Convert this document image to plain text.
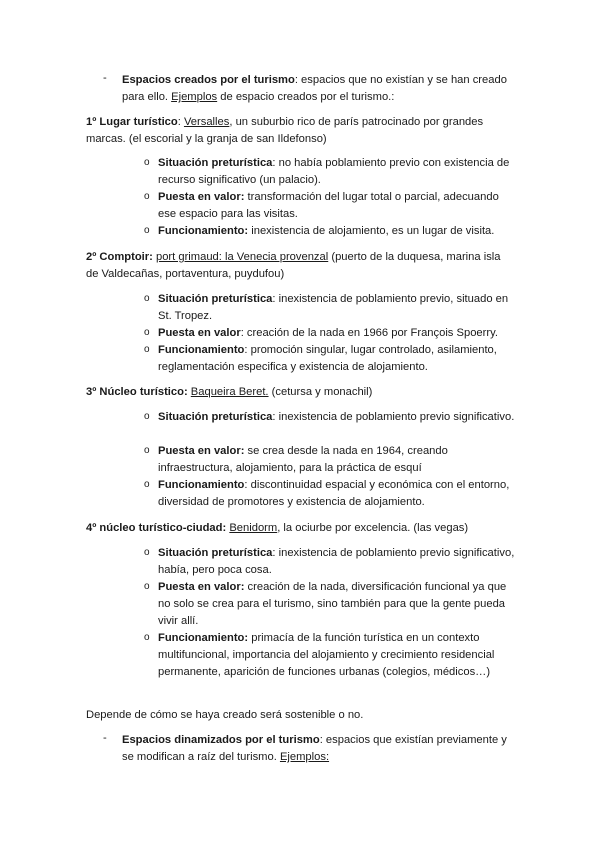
- Espacios creados por el turismo: espacios que no existían y se han creado para ello. Ejemplos de espacio creados por el turismo.:

1º Lugar turístico: Versalles, un suburbio rico de parís patrocinado por grandes marcas. (el escorial y la granja de san Ildefonso)

o Situación preturística: no había poblamiento previo con existencia de recurso significativo (un palacio).

o Puesta en valor: transformación del lugar total o parcial, adecuando ese espacio para las visitas.

o Funcionamiento: inexistencia de alojamiento, es un lugar de visita.

2º Comptoir: port grimaud: la Venecia provenzal (puerto de la duquesa, marina isla de Valdecañas, portaventura, puydufou)

o Situación preturística: inexistencia de poblamiento previo, situado en St. Tropez.

o Puesta en valor: creación de la nada en 1966 por François Spoerry.

o Funcionamiento: promoción singular, lugar controlado, asilamiento, reglamentación especifica y existencia de alojamiento.

3º Núcleo turístico: Baqueira Beret. (cetursa y monachil)

o Situación preturística: inexistencia de poblamiento previo significativo.

o Puesta en valor: se crea desde la nada en 1964, creando infraestructura, alojamiento, para la práctica de esquí

o Funcionamiento: discontinuidad espacial y económica con el entorno, diversidad de promotores y existencia de alojamiento.

4º núcleo turístico-ciudad: Benidorm, la ociurbe por excelencia. (las vegas)

o Situación preturística: inexistencia de poblamiento previo significativo, había, pero poca cosa.

o Puesta en valor: creación de la nada, diversificación funcional ya que no solo se crea para el turismo, sino también para que la gente pueda vivir allí.

o Funcionamiento: primacía de la función turística en un contexto multifuncional, importancia del alojamiento y crecimiento residencial permanente, aparición de funciones urbanas (colegios, médicos…)

Depende de cómo se haya creado será sostenible o no.

- Espacios dinamizados por el turismo: espacios que existían previamente y se modifican a raíz del turismo. Ejemplos:
